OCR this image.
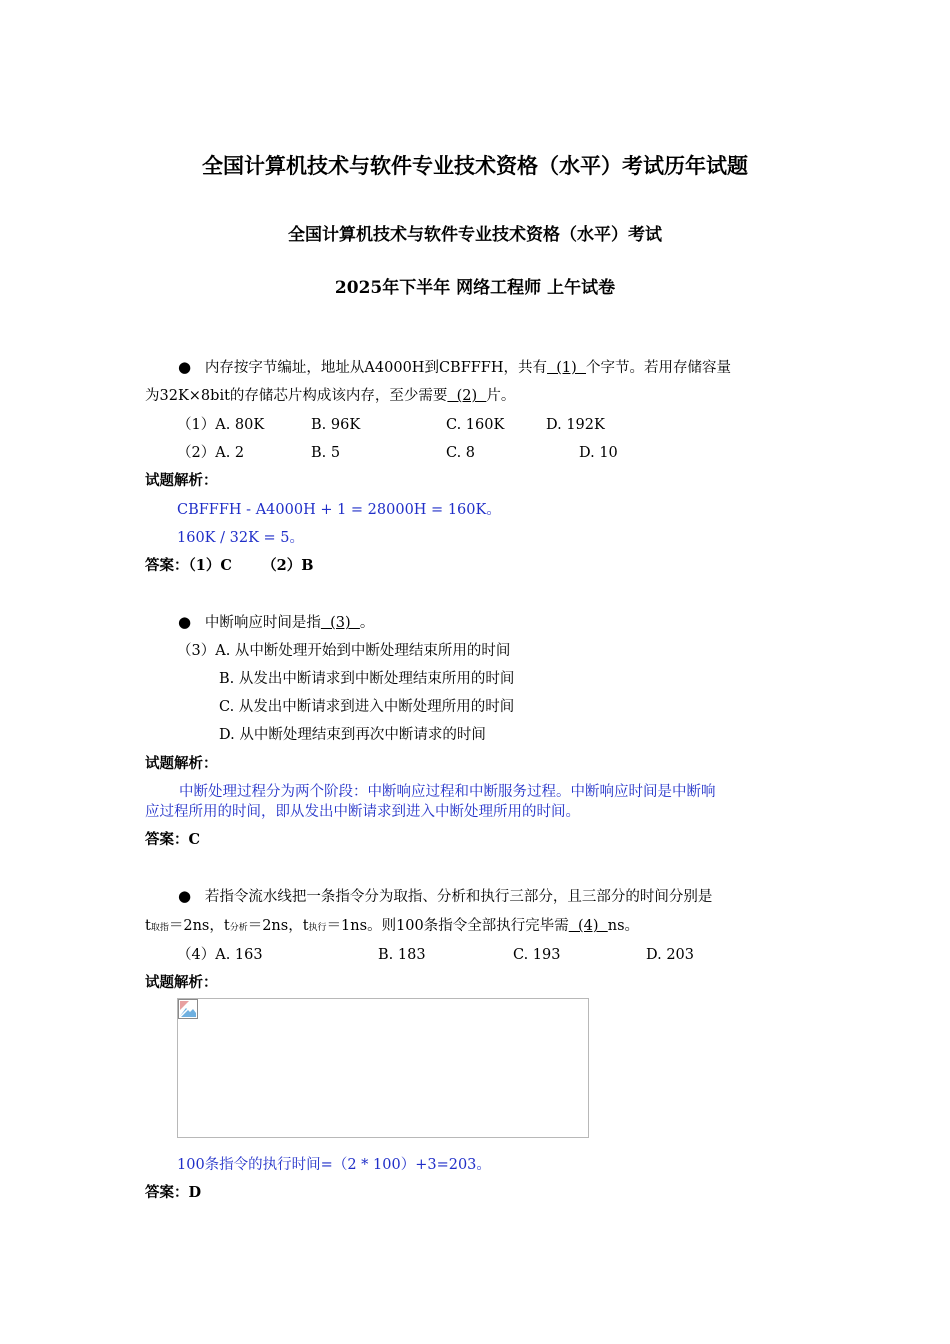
全国计算机技术与软件专业技术资格（水平）考试历年试题
全国计算机技术与软件专业技术资格（水平）考试
2025年下半年 网络工程师 上午试卷
● 内存按字节编址，地址从A4000H到CBFFFH，共有  (1)  个字节。若用存储容量
为32K×8bit的存储芯片构成该内存，至少需要  (2)  片。
（1）A. 80K	B. 96K	C. 160K	D. 192K
（2）A. 2	B. 5	C. 8	D. 10
试题解析：
CBFFFH - A4000H + 1 = 28000H = 160K。
160K / 32K = 5。
答案：（1）C      （2）B
● 中断响应时间是指  (3)  。
（3）A. 从中断处理开始到中断处理结束所用的时间
B. 从发出中断请求到中断处理结束所用的时间
C. 从发出中断请求到进入中断处理所用的时间
D. 从中断处理结束到再次中断请求的时间
试题解析：
中断处理过程分为两个阶段：中断响应过程和中断服务过程。中断响应时间是中断响
应过程所用的时间，即从发出中断请求到进入中断处理所用的时间。
答案：C
● 若指令流水线把一条指令分为取指、分析和执行三部分，且三部分的时间分别是
t取指＝2ns，t分析＝2ns，t执行＝1ns。则100条指令全部执行完毕需  (4)  ns。
（4）A. 163	B. 183	C. 193	D. 203
试题解析：
100条指令的执行时间=（2 * 100）+3=203。
答案：D
